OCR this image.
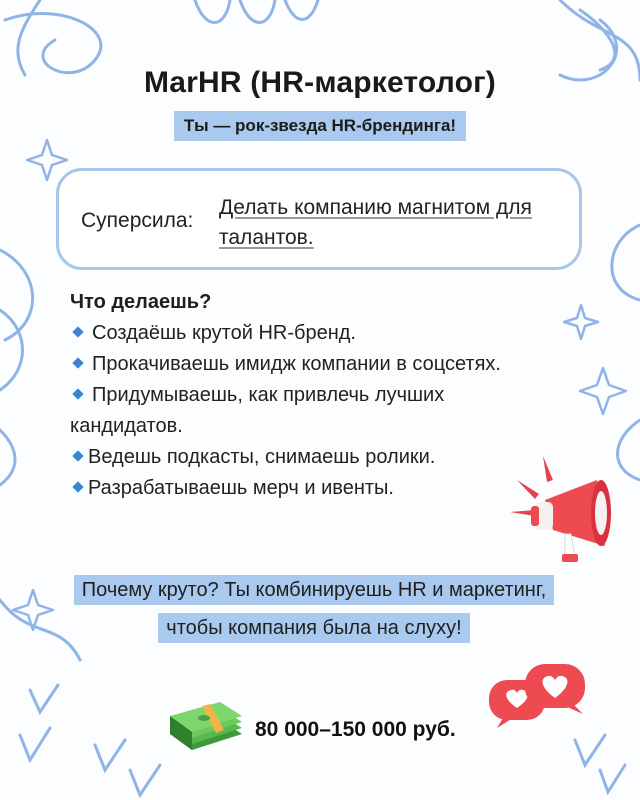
MarHR (HR-маркетолог)
Ты — рок-звезда HR-брендинга!
Суперсила:
Делать компанию магнитом для талантов.
Что делаешь?
Создаёшь крутой HR-бренд.
Прокачиваешь имидж компании в соцсетях.
Придумываешь, как привлечь лучших кандидатов.
Ведешь подкасты, снимаешь ролики.
Разрабатываешь мерч и ивенты.
Почему круто? Ты комбинируешь HR и маркетинг, чтобы компания была на слуху!
80 000–150 000 руб.
